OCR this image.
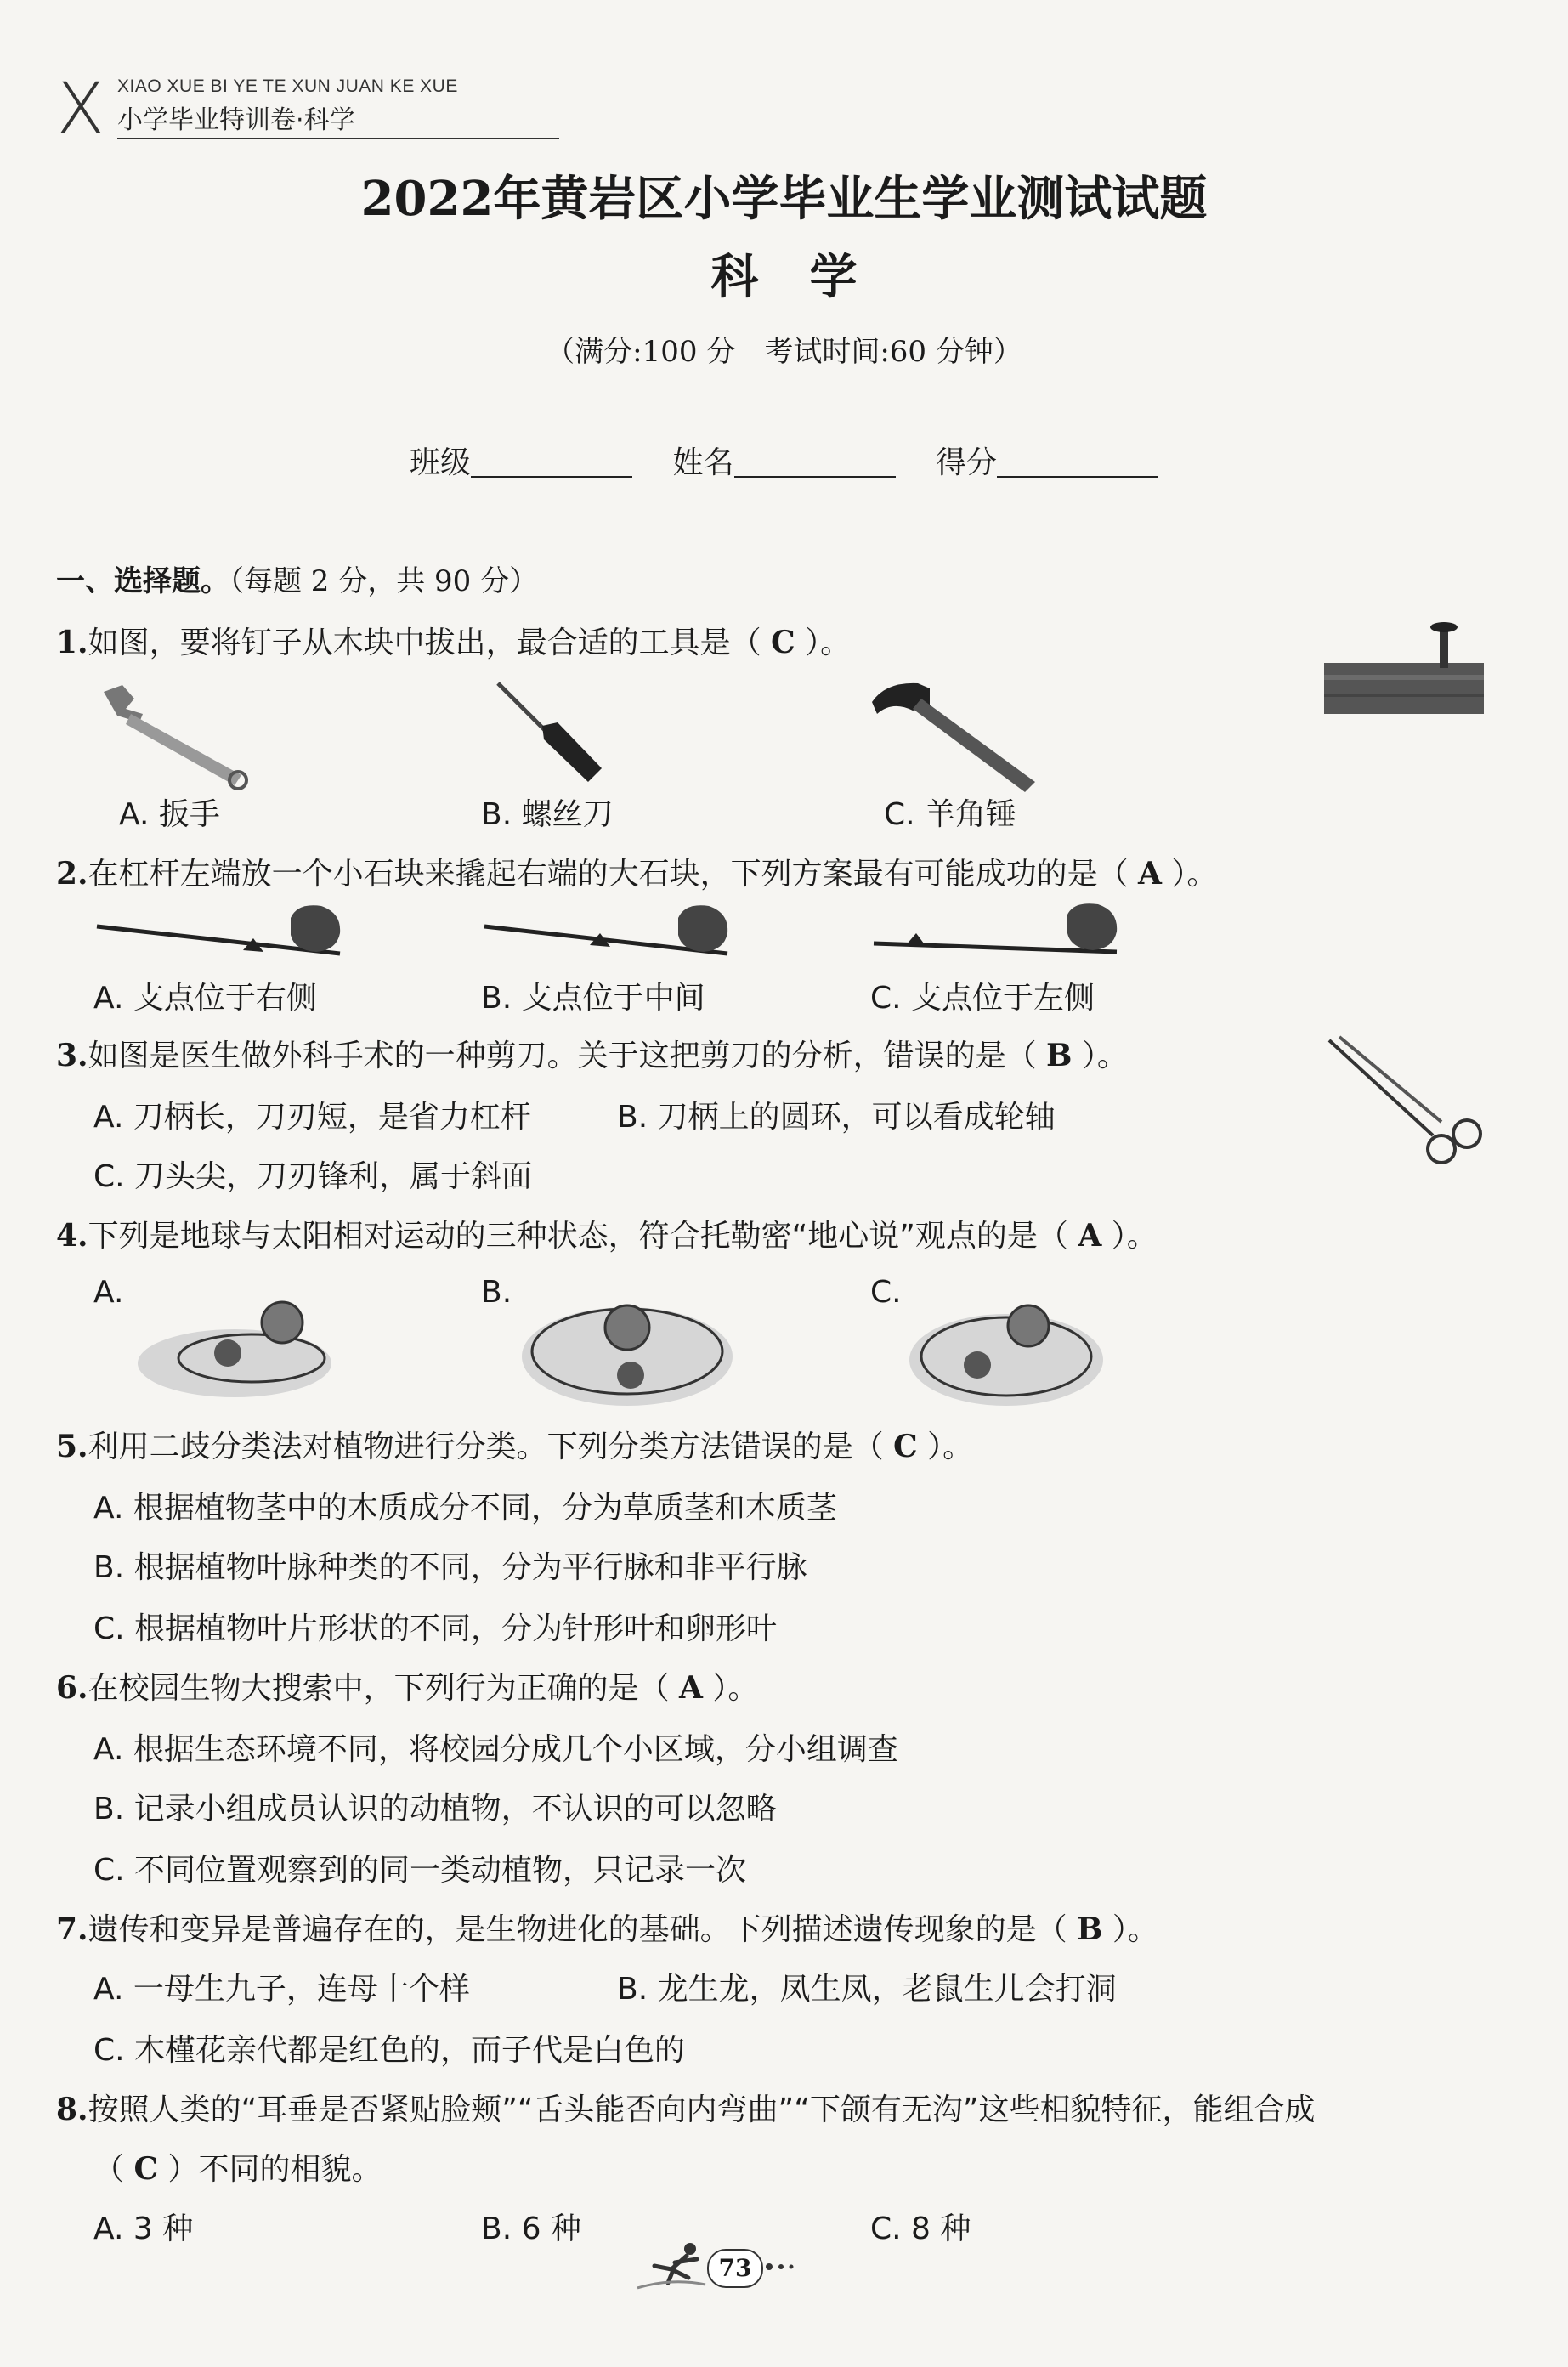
X XIAO XUE BI YE TE XUN JUAN KE XUE
小学毕业特训卷·科学
2022年黄岩区小学毕业生学业测试试题
科学
（满分:100 分　考试时间:60 分钟）
班级	姓名	得分
一、选择题。（每题 2 分，共 90 分）
1.如图，要将钉子从木块中拔出，最合适的工具是（ C ）。
A. 扳手	B. 螺丝刀	C. 羊角锤
2.在杠杆左端放一个小石块来撬起右端的大石块，下列方案最有可能成功的是（ A ）。
A. 支点位于右侧	B. 支点位于中间	C. 支点位于左侧
3.如图是医生做外科手术的一种剪刀。关于这把剪刀的分析，错误的是（ B ）。
A. 刀柄长，刀刃短，是省力杠杆	B. 刀柄上的圆环，可以看成轮轴
C. 刀头尖，刀刃锋利，属于斜面
4.下列是地球与太阳相对运动的三种状态，符合托勒密“地心说”观点的是（ A ）。
A.	B.	C.
5.利用二歧分类法对植物进行分类。下列分类方法错误的是（ C ）。
A. 根据植物茎中的木质成分不同，分为草质茎和木质茎
B. 根据植物叶脉种类的不同，分为平行脉和非平行脉
C. 根据植物叶片形状的不同，分为针形叶和卵形叶
6.在校园生物大搜索中，下列行为正确的是（ A ）。
A. 根据生态环境不同，将校园分成几个小区域，分小组调查
B. 记录小组成员认识的动植物，不认识的可以忽略
C. 不同位置观察到的同一类动植物，只记录一次
7.遗传和变异是普遍存在的，是生物进化的基础。下列描述遗传现象的是（ B ）。
A. 一母生九子，连母十个样	B. 龙生龙，凤生凤，老鼠生儿会打洞
C. 木槿花亲代都是红色的，而子代是白色的
8.按照人类的“耳垂是否紧贴脸颊”“舌头能否向内弯曲”“下颌有无沟”这些相貌特征，能组合成
（ C ）不同的相貌。
A. 3 种	B. 6 种	C. 8 种
73
